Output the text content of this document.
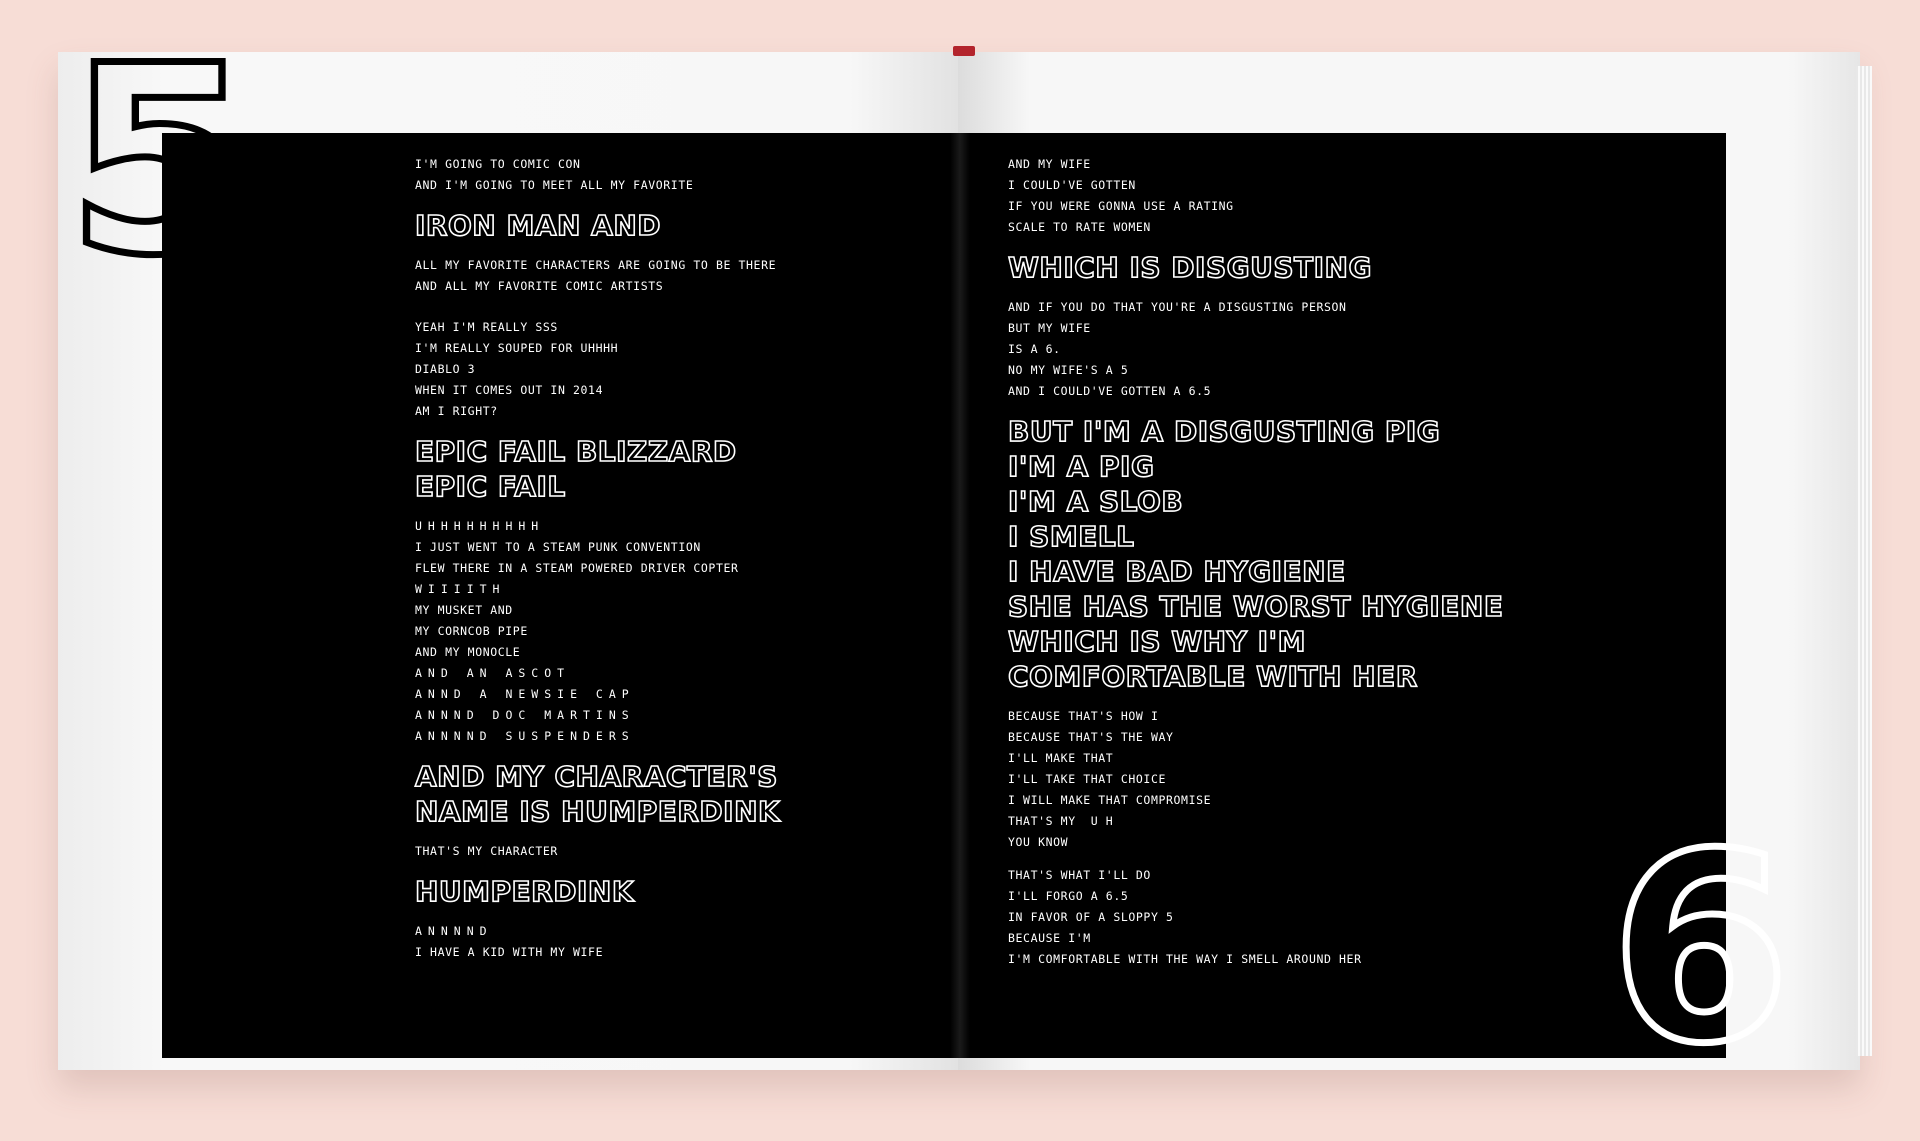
5
6

I'M GOING TO COMIC CON

AND I'M GOING TO MEET ALL MY FAVORITE

IRON MAN AND

ALL MY FAVORITE CHARACTERS ARE GOING TO BE THERE

AND ALL MY FAVORITE COMIC ARTISTS

YEAH I'M REALLY SSS

I'M REALLY SOUPED FOR UHHHH

DIABLO 3

WHEN IT COMES OUT IN 2014

AM I RIGHT?

EPIC FAIL BLIZZARD

EPIC FAIL

UHHHHHHHHH

I JUST WENT TO A STEAM PUNK CONVENTION

FLEW THERE IN A STEAM POWERED DRIVER COPTER

WIIIITH

MY MUSKET AND

MY CORNCOB PIPE

AND MY MONOCLE

AND AN ASCOT

ANND A NEWSIE CAP

ANNND DOC MARTINS

ANNNND SUSPENDERS

AND MY CHARACTER'S

NAME IS HUMPERDINK

THAT'S MY CHARACTER

HUMPERDINK

ANNNND

I HAVE A KID WITH MY WIFE

AND MY WIFE

I COULD'VE GOTTEN

IF YOU WERE GONNA USE A RATING

SCALE TO RATE WOMEN

WHICH IS DISGUSTING

AND IF YOU DO THAT YOU'RE A DISGUSTING PERSON

BUT MY WIFE

IS A 6.

NO MY WIFE'S A 5

AND I COULD'VE GOTTEN A 6.5

BUT I'M A DISGUSTING PIG

I'M A PIG

I'M A SLOB

I SMELL

I HAVE BAD HYGIENE

SHE HAS THE WORST HYGIENE

WHICH IS WHY I'M

COMFORTABLE WITH HER

BECAUSE THAT'S HOW I

BECAUSE THAT'S THE WAY

I'LL MAKE THAT

I'LL TAKE THAT CHOICE

I WILL MAKE THAT COMPROMISE

THAT'S MY  U H

YOU KNOW

THAT'S WHAT I'LL DO

I'LL FORGO A 6.5

IN FAVOR OF A SLOPPY 5

BECAUSE I'M

I'M COMFORTABLE WITH THE WAY I SMELL AROUND HER
